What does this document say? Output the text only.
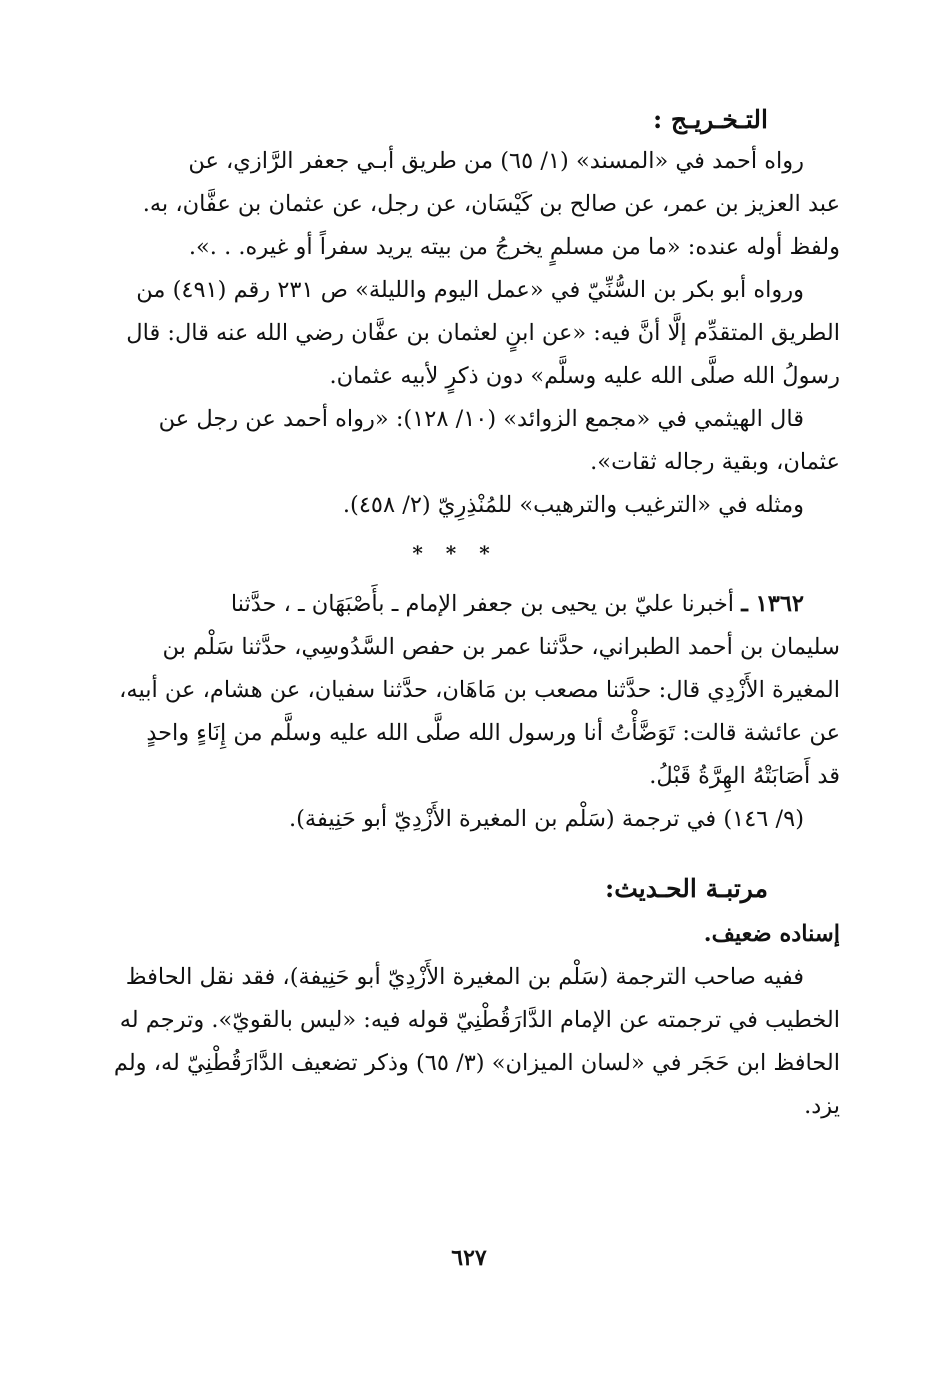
التـخـريـج :
رواه أحمد في «المسند» (١/ ٦٥) من طريق أبـي جعفر الرَّازي، عن
عبد العزيز بن عمر، عن صالح بن كَيْسَان، عن رجل، عن عثمان بن عفَّان، به.
ولفظ أوله عنده: «ما من مسلمٍ يخرجُ من بيته يريد سفراً أو غيره. . .».
ورواه أبو بكر بن السُّنِّيّ في «عمل اليوم والليلة» ص ٢٣١ رقم (٤٩١) من
الطريق المتقدِّم إلَّا أنَّ فيه: «عن ابنٍ لعثمان بن عفَّان رضي الله عنه قال: قال
رسولُ الله صلَّى الله عليه وسلَّم» دون ذكرٍ لأبيه عثمان.
قال الهيثمي في «مجمع الزوائد» (١٠/ ١٢٨): «رواه أحمد عن رجل عن
عثمان، وبقية رجاله ثقات».
ومثله في «الترغيب والترهيب» للمُنْذِرِيّ (٢/ ٤٥٨).
* * *
١٣٦٢ ـ أخبرنا عليّ بن يحيى بن جعفر الإمام ـ بأَصْبَهَان ـ ، حدَّثنا
سليمان بن أحمد الطبراني، حدَّثنا عمر بن حفص السَّدُوسِي، حدَّثنا سَلْم بن
المغيرة الأَزْدِي قال: حدَّثنا مصعب بن مَاهَان، حدَّثنا سفيان، عن هشام، عن أبيه،
عن عائشة قالت: تَوَضَّأْتُ أنا ورسول الله صلَّى الله عليه وسلَّم من إِنَاءٍ واحدٍ
قد أَصَابَتْهُ الهِرَّةُ قَبْلُ.
(٩/ ١٤٦) في ترجمة (سَلْم بن المغيرة الأَزْدِيّ أبو حَنِيفة).
مرتبـة الحـديث:
إسناده ضعيف.
ففيه صاحب الترجمة (سَلْم بن المغيرة الأَزْدِيّ أبو حَنِيفة)، فقد نقل الحافظ
الخطيب في ترجمته عن الإمام الدَّارَقُطْنِيّ قوله فيه: «ليس بالقويّ». وترجم له
الحافظ ابن حَجَر في «لسان الميزان» (٣/ ٦٥) وذكر تضعيف الدَّارَقُطْنِيّ له، ولم
يزد.
٦٢٧
